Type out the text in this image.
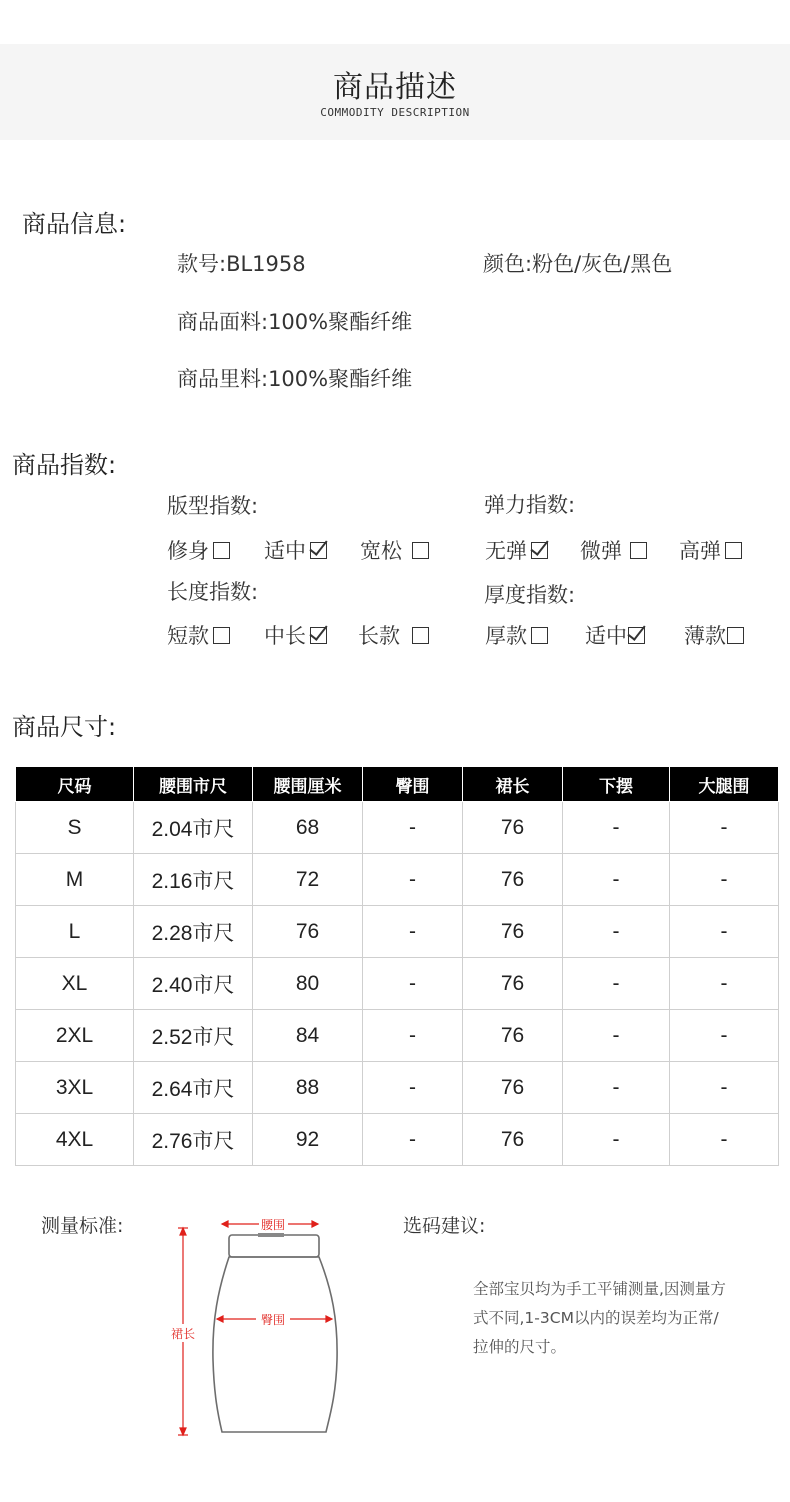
商品描述
COMMODITY DESCRIPTION
商品信息:
款号:BL1958	颜色:粉色/灰色/黑色
商品面料:100%聚酯纤维
商品里料:100%聚酯纤维
商品指数:
版型指数:	弹力指数:
长度指数:	厚度指数:
修身	适中	宽松	无弹	微弹	高弹
短款	中长	长款	厚款	适中	薄款
商品尺寸:
尺码	腰围市尺	腰围厘米	臀围	裙长	下摆	大腿围
S	2.04市尺	68	-	76	-	-
M	2.16市尺	72	-	76	-	-
L	2.28市尺	76	-	76	-	-
XL	2.40市尺	80	-	76	-	-
2XL	2.52市尺	84	-	76	-	-
3XL	2.64市尺	88	-	76	-	-
4XL	2.76市尺	92	-	76	-	-
测量标准:	腰围
臀围
裙长
选码建议:
全部宝贝均为手工平铺测量,因测量方
式不同,1-3CM以内的误差均为正常/
拉伸的尺寸。
